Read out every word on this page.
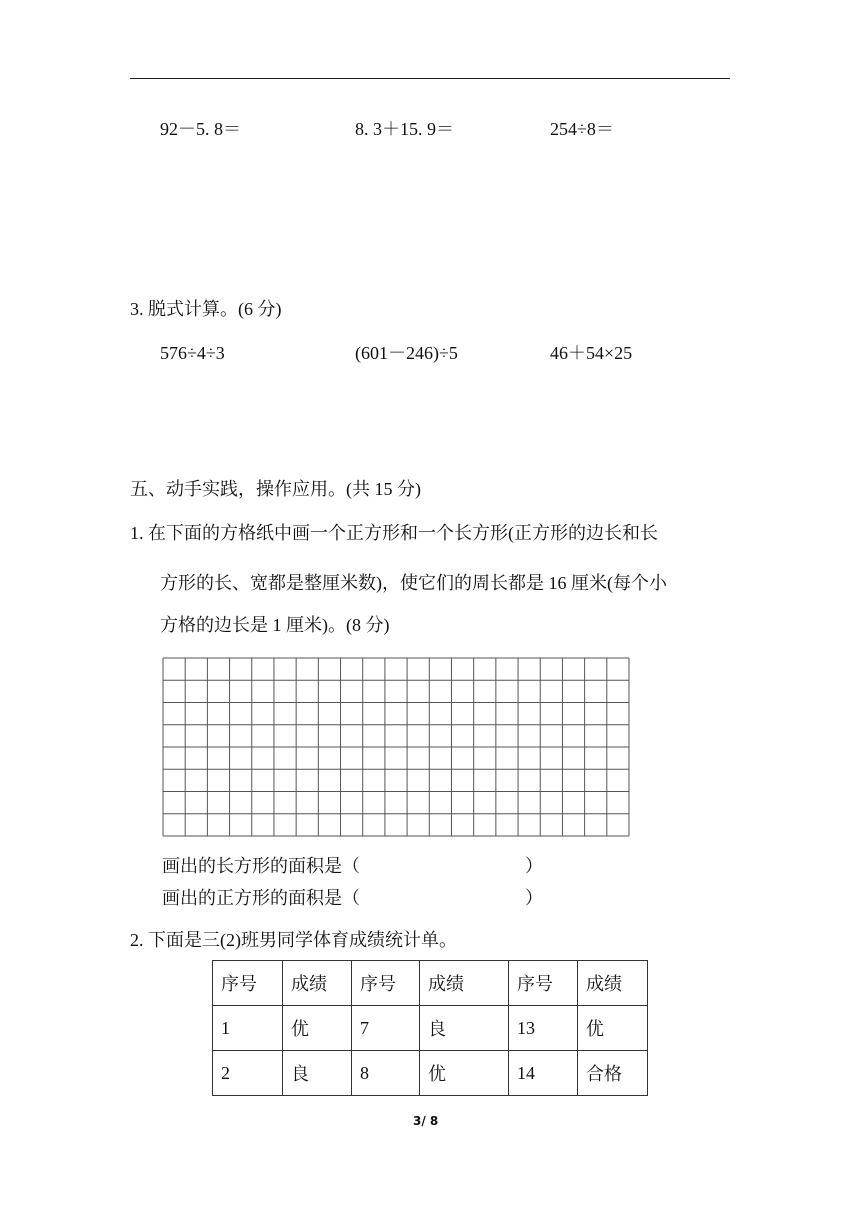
92－5. 8＝	8. 3＋15. 9＝	254÷8＝
3. 脱式计算。(6 分)
576÷4÷3	(601－246)÷5	46＋54×25
五、动手实践，操作应用。(共 15 分)
1. 在下面的方格纸中画一个正方形和一个长方形(正方形的边长和长
方形的长、宽都是整厘米数)，使它们的周长都是 16 厘米(每个小
方格的边长是 1 厘米)。(8 分)
画出的长方形的面积是（	）
画出的正方形的面积是（	）
2. 下面是三(2)班男同学体育成绩统计单。
序号	成绩	序号	成绩	序号	成绩
1	优	7	良	13	优
2	良	8	优	14	合格
3/ 8
